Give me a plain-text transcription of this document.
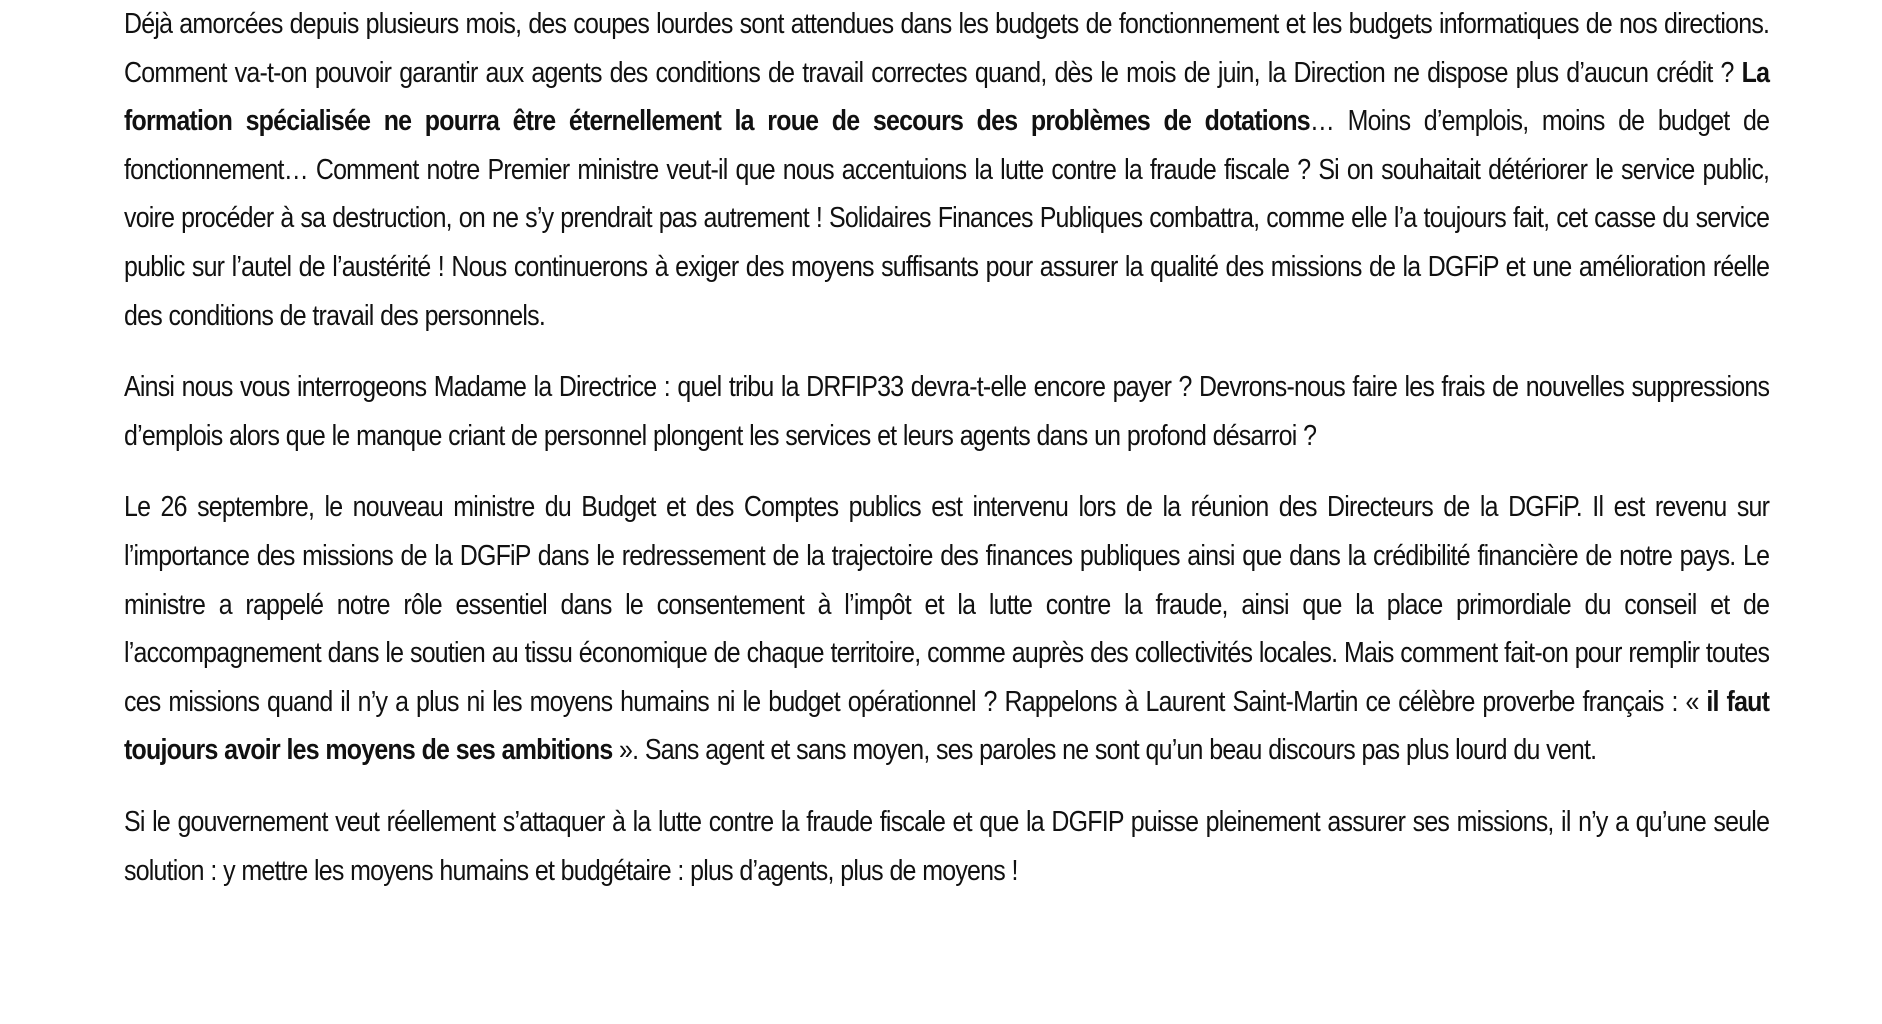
Déjà amorcées depuis plusieurs mois, des coupes lourdes sont attendues dans les budgets de fonctionnement et les budgets informatiques de nos directions. Comment va-t-on pouvoir garantir aux agents des conditions de travail correctes quand, dès le mois de juin, la Direction ne dispose plus d’aucun crédit ? La formation spécialisée ne pourra être éternellement la roue de secours des problèmes de dotations… Moins d’emplois, moins de budget de fonctionnement… Comment notre Premier ministre veut-il que nous accentuions la lutte contre la fraude fiscale ? Si on souhaitait détériorer le service public, voire procéder à sa destruction, on ne s’y prendrait pas autrement ! Solidaires Finances Publiques combattra, comme elle l’a toujours fait, cet casse du service public sur l’autel de l’austérité ! Nous continuerons à exiger des moyens suffisants pour assurer la qualité des missions de la DGFiP et une amélioration réelle des conditions de travail des personnels.

Ainsi nous vous interrogeons Madame la Directrice : quel tribu la DRFIP33 devra-t-elle encore payer ? Devrons-nous faire les frais de nouvelles suppressions d’emplois alors que le manque criant de personnel plongent les services et leurs agents dans un profond désarroi ?

Le 26 septembre, le nouveau ministre du Budget et des Comptes publics est intervenu lors de la réunion des Directeurs de la DGFiP. Il est revenu sur l’importance des missions de la DGFiP dans le redressement de la trajectoire des finances publiques ainsi que dans la crédibilité financière de notre pays. Le ministre a rappelé notre rôle essentiel dans le consentement à l’impôt et la lutte contre la fraude, ainsi que la place primordiale du conseil et de l’accompagnement dans le soutien au tissu économique de chaque territoire, comme auprès des collectivités locales. Mais comment fait-on pour remplir toutes ces missions quand il n’y a plus ni les moyens humains ni le budget opérationnel ? Rappelons à Laurent Saint-Martin ce célèbre proverbe français : « il faut toujours avoir les moyens de ses ambitions ». Sans agent et sans moyen, ses paroles ne sont qu’un beau discours pas plus lourd du vent.

Si le gouvernement veut réellement s’attaquer à la lutte contre la fraude fiscale et que la DGFIP puisse pleinement assurer ses missions, il n’y a qu’une seule solution : y mettre les moyens humains et budgétaire : plus d’agents, plus de moyens !
